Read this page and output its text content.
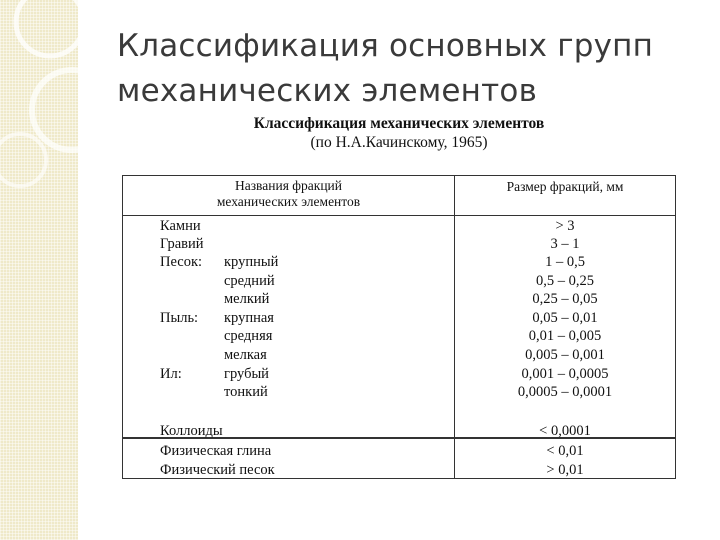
Классификация основных групп
механических элементов
Классификация механических элементов
(по Н.А.Качинскому, 1965)
Названия фракций
механических элементов
Размер фракций, мм
Камни	> 3
Гравий	3 – 1
Песок: крупный	1 – 0,5
средний	0,5 – 0,25
мелкий	0,25 – 0,05
Пыль: крупная	0,05 – 0,01
средняя	0,01 – 0,005
мелкая	0,005 – 0,001
Ил:	грубый	0,001 – 0,0005
тонкий	0,0005 – 0,0001
Коллоиды	< 0,0001
Физическая глина	< 0,01
Физический песок	> 0,01
